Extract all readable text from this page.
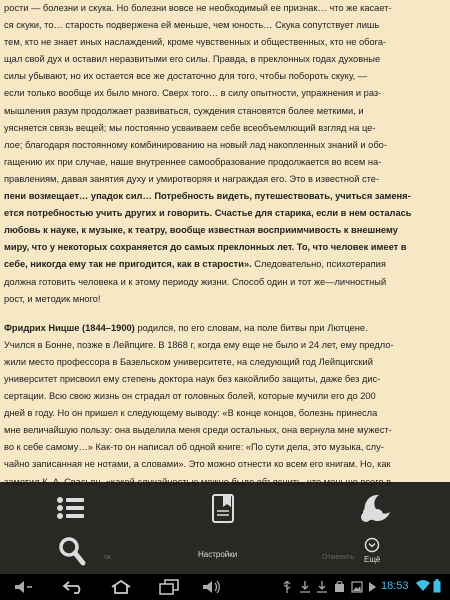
рости — болезни и скука. Но болезни вовсе не необходимый ее признак… что же касает-

ся скуки, то… старость подвержена ей меньше, чем юность… Скука сопутствует лишь

тем, кто не знает иных наслаждений, кроме чувственных и общественных, кто не обога-

щал свой дух и оставил неразвитыми его силы. Правда, в преклонных годах духовные

силы убывают, но их остается все же достаточно для того, чтобы побороть скуку, —

если только вообще их было много. Сверх того… в силу опытности, упражнения и раз-

мышления разум продолжает развиваться, суждения становятся более меткими, и

уясняется связь вещей; мы постоянно усваиваем себе всеобъемлющий взгляд на це-

лое; благодаря постоянному комбинированию на новый лад накопленных знаний и обо-

гащению их при случае, наше внутреннее самообразование продолжается во всем на-

правлениям, давая занятия духу и умиротворяя и награждая его. Это в известной сте-

пени возмещает… упадок сил… Потребность видеть, путешествовать, учиться заменя-

ется потребностью учить других и говорить. Счастье для старика, если в нем осталась

любовь к науке, к музыке, к театру, вообще известная восприимчивость к внешнему

миру, что у некоторых сохраняется до самых преклонных лет. То, что человек имеет в

себе, никогда ему так не пригодится, как в старости». Следовательно, психотерапия

должна готовить человека и к этому периоду жизни. Способ один и тот же—личностный

рост, и методик много!

Фридрих Ницше (1844–1900) родился, по его словам, на поле битвы при Лютцене.

Учился в Бонне, позже в Лейпциге. В 1868 г, когда ему еще не было и 24 лет, ему предло-

жили место профессора в Базельском университете, на следующий год Лейпцигский

университет присвоил ему степень доктора наук без какойлибо защиты, даже без дис-

сертации. Всю свою жизнь он страдал от головных болей, которые мучили его до 200

дней в году. Но он пришел к следующему выводу: «В конце концов, болезнь принесла

мне величайшую пользу: она выделила меня среди остальных, она вернула мне мужест-

во к себе самому…» Как-то он написал об одной книге: «По сути дела, это музыка, слу-

чайно записанная не нотами, а словами». Это можно отнести ко всем его книгам. Но, как

Настройки
Ещё
ок	Отменить
18:53
